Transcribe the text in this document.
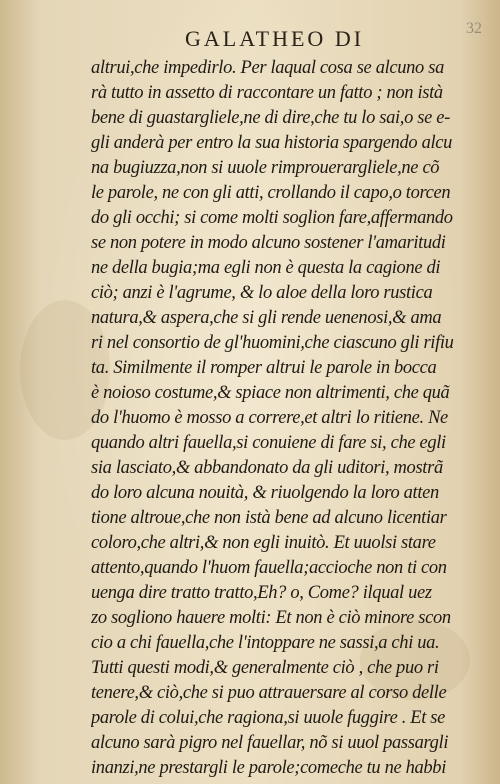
GALATHEO DI	32
altrui,che impedirlo. Per laqual cosa se alcuno sa
rà tutto in assetto di raccontare un fatto ; non istà
bene di guastargliele,ne di dire,che tu lo sai,o se e-
gli anderà per entro la sua historia spargendo alcu
na bugiuzza,non si uuole rimprouerargliele,ne cõ
le parole, ne con gli atti, crollando il capo,o torcen
do gli occhi; si come molti soglion fare,affermando
se non potere in modo alcuno sostener l'amaritudi
ne della bugia;ma egli non è questa la cagione di
ciò; anzi è l'agrume, & lo aloe della loro rustica
natura,& aspera,che si gli rende uenenosi,& ama
ri nel consortio de gl'huomini,che ciascuno gli rifiu
ta. Similmente il romper altrui le parole in bocca
è noioso costume,& spiace non altrimenti, che quã
do l'huomo è mosso a correre,et altri lo ritiene. Ne
quando altri fauella,si conuiene di fare si, che egli
sia lasciato,& abbandonato da gli uditori, mostrã
do loro alcuna nouità, & riuolgendo la loro atten
tione altroue,che non istà bene ad alcuno licentiar
coloro,che altri,& non egli inuitò. Et uuolsi stare
attento,quando l'huom fauella;accioche non ti con
uenga dire tratto tratto,Eh? o, Come? ilqual uez
zo sogliono hauere molti: Et non è ciò minore scon
cio a chi fauella,che l'intoppare ne sassi,a chi ua.
Tutti questi modi,& generalmente ciò , che puo ri
tenere,& ciò,che si puo attrauersare al corso delle
parole di colui,che ragiona,si uuole fuggire . Et se
alcuno sarà pigro nel fauellar, nõ si uuol passargli
inanzi,ne prestargli le parole;comeche tu ne habbi
